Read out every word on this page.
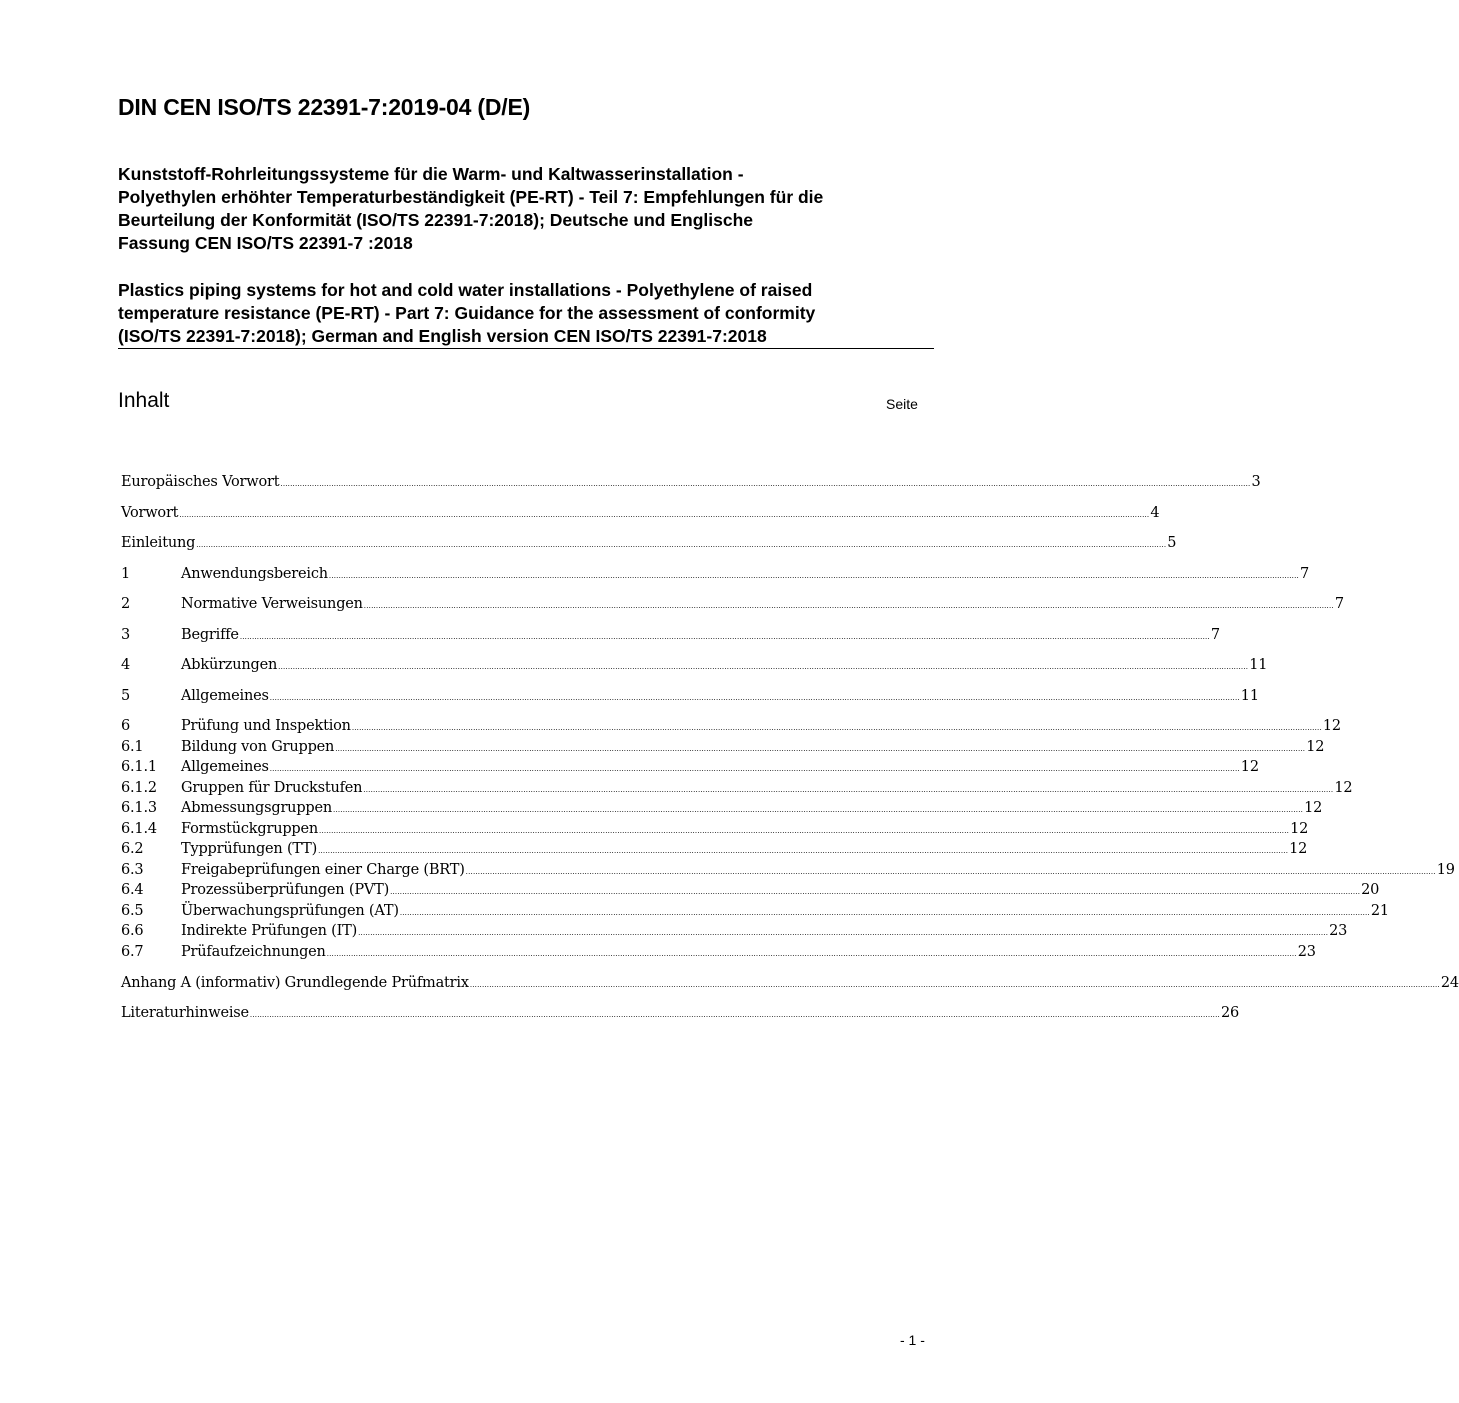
DIN CEN ISO/TS 22391-7:2019-04 (D/E)
Kunststoff-Rohrleitungssysteme für die Warm- und Kaltwasserinstallation -
Polyethylen erhöhter Temperaturbeständigkeit (PE-RT) - Teil 7: Empfehlungen für die
Beurteilung der Konformität (ISO/TS 22391-7:2018); Deutsche und Englische
Fassung CEN ISO/TS 22391-7 :2018
Plastics piping systems for hot and cold water installations - Polyethylene of raised
temperature resistance (PE-RT) - Part 7: Guidance for the assessment of conformity
(ISO/TS 22391-7:2018); German and English version CEN ISO/TS 22391-7:2018
Inhalt	Seite
Europäisches Vorwort ................................................................................................................................................................................................................................................................................................................................................................................................................ 3
Vorwort ................................................................................................................................................................................................................................................................................................................................................................................................................ 4
Einleitung ................................................................................................................................................................................................................................................................................................................................................................................................................ 5
1	Anwendungsbereich ................................................................................................................................................................................................................................................................................................................................................................................................................ 7
2	Normative Verweisungen ................................................................................................................................................................................................................................................................................................................................................................................................................ 7
3	Begriffe ................................................................................................................................................................................................................................................................................................................................................................................................................ 7
4	Abkürzungen ................................................................................................................................................................................................................................................................................................................................................................................................................ 11
5	Allgemeines ................................................................................................................................................................................................................................................................................................................................................................................................................ 11
6	Prüfung und Inspektion ................................................................................................................................................................................................................................................................................................................................................................................................................ 12
6.1	Bildung von Gruppen ................................................................................................................................................................................................................................................................................................................................................................................................................ 12
6.1.1	Allgemeines ................................................................................................................................................................................................................................................................................................................................................................................................................ 12
6.1.2	Gruppen für Druckstufen ................................................................................................................................................................................................................................................................................................................................................................................................................ 12
6.1.3	Abmessungsgruppen ................................................................................................................................................................................................................................................................................................................................................................................................................ 12
6.1.4	Formstückgruppen ................................................................................................................................................................................................................................................................................................................................................................................................................ 12
6.2	Typprüfungen (TT) ................................................................................................................................................................................................................................................................................................................................................................................................................ 12
6.3	Freigabeprüfungen einer Charge (BRT) ................................................................................................................................................................................................................................................................................................................................................................................................................ 19
6.4	Prozessüberprüfungen (PVT) ................................................................................................................................................................................................................................................................................................................................................................................................................ 20
6.5	Überwachungsprüfungen (AT) ................................................................................................................................................................................................................................................................................................................................................................................................................ 21
6.6	Indirekte Prüfungen (IT) ................................................................................................................................................................................................................................................................................................................................................................................................................ 23
6.7	Prüfaufzeichnungen ................................................................................................................................................................................................................................................................................................................................................................................................................ 23
Anhang A (informativ) Grundlegende Prüfmatrix ................................................................................................................................................................................................................................................................................................................................................................................................................ 24
Literaturhinweise ................................................................................................................................................................................................................................................................................................................................................................................................................ 26
- 1 -
